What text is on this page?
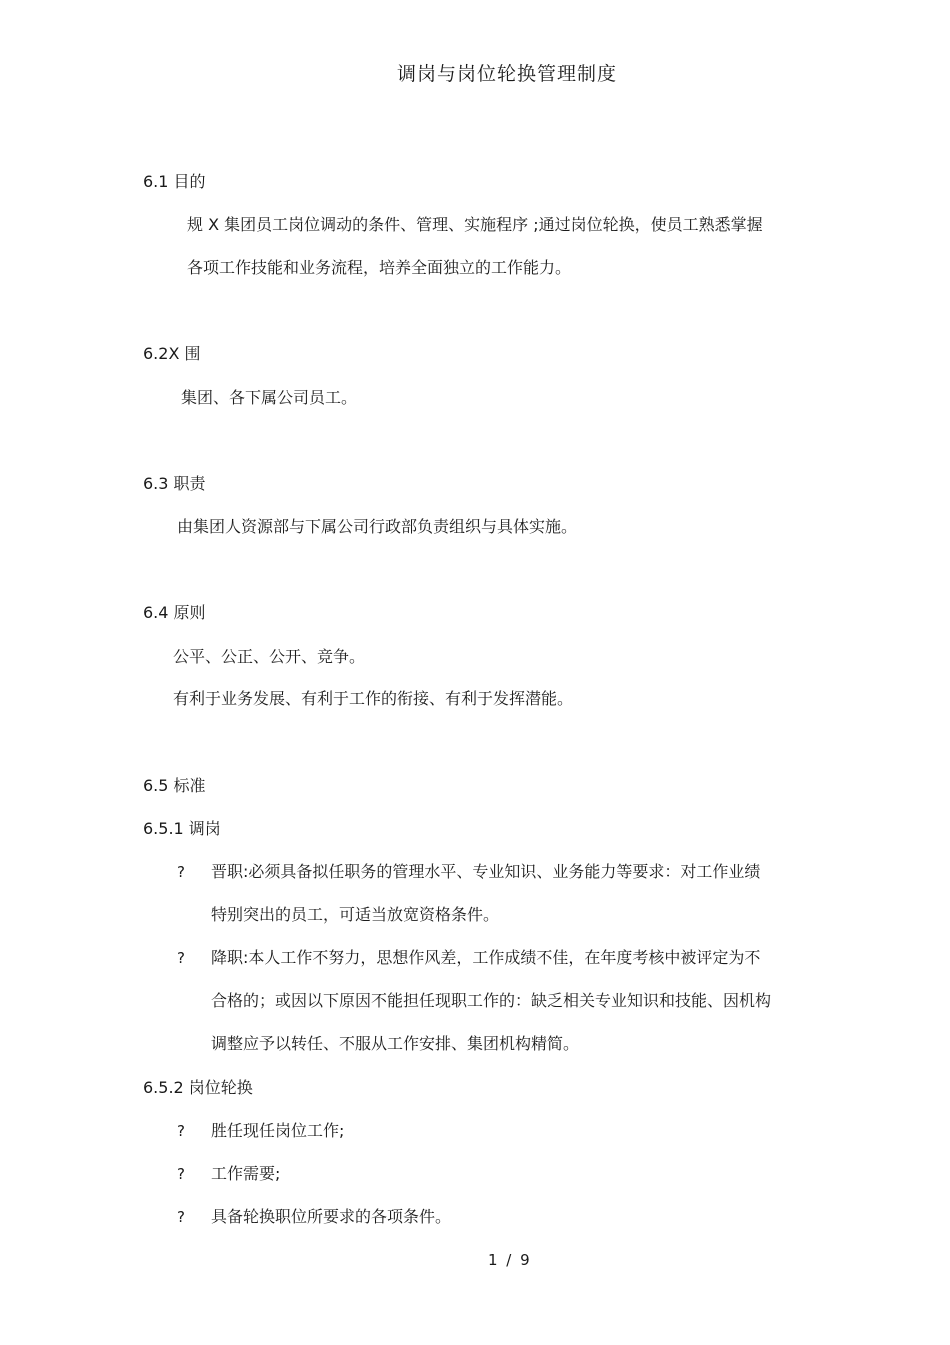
调岗与岗位轮换管理制度
6.1 目的
规 X 集团员工岗位调动的条件、管理、实施程序 ;通过岗位轮换，使员工熟悉掌握
各项工作技能和业务流程，培养全面独立的工作能力。
6.2X 围
集团、各下属公司员工。
6.3 职责
由集团人资源部与下属公司行政部负责组织与具体实施。
6.4 原则
公平、公正、公开、竞争。
有利于业务发展、有利于工作的衔接、有利于发挥潜能。
6.5 标准
6.5.1 调岗
? 晋职:必须具备拟任职务的管理水平、专业知识、业务能力等要求：对工作业绩
特别突出的员工，可适当放宽资格条件。
? 降职:本人工作不努力，思想作风差，工作成绩不佳，在年度考核中被评定为不
合格的；或因以下原因不能担任现职工作的：缺乏相关专业知识和技能、因机构
调整应予以转任、不服从工作安排、集团机构精简。
6.5.2 岗位轮换
? 胜任现任岗位工作;
? 工作需要;
? 具备轮换职位所要求的各项条件。
1 / 9
